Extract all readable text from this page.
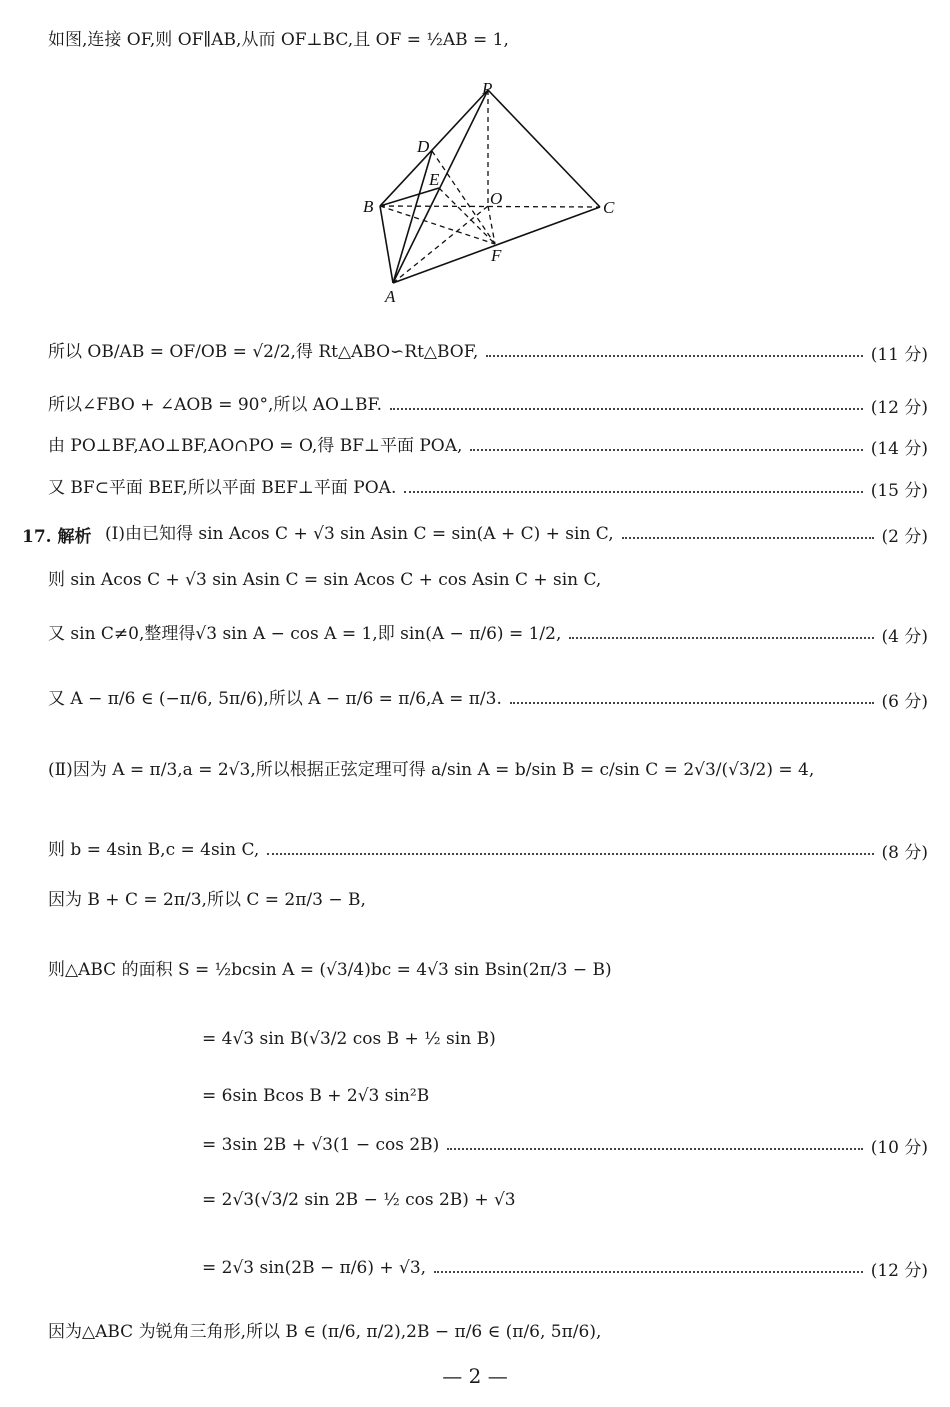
如图,连接 OF,则 OF∥AB,从而 OF⊥BC,且 OF = ½AB = 1,
P
D
E
O
B	C
F
A
所以 OB/AB = OF/OB = √2/2,得 Rt△ABO∽Rt△BOF,	(11 分)
所以∠FBO + ∠AOB = 90°,所以 AO⊥BF.	(12 分)
由 PO⊥BF,AO⊥BF,AO∩PO = O,得 BF⊥平面 POA,	(14 分)
又 BF⊂平面 BEF,所以平面 BEF⊥平面 POA.	(15 分)
17. 解析 (Ⅰ)由已知得 sin Acos C + √3 sin Asin C = sin(A + C) + sin C,	(2 分)
则 sin Acos C + √3 sin Asin C = sin Acos C + cos Asin C + sin C,
又 sin C≠0,整理得√3 sin A − cos A = 1,即 sin(A − π/6) = 1/2,	(4 分)
又 A − π/6 ∈ (−π/6, 5π/6),所以 A − π/6 = π/6,A = π/3.	(6 分)
(Ⅱ)因为 A = π/3,a = 2√3,所以根据正弦定理可得 a/sin A = b/sin B = c/sin C = 2√3/(√3/2) = 4,
则 b = 4sin B,c = 4sin C,	(8 分)
因为 B + C = 2π/3,所以 C = 2π/3 − B,
则△ABC 的面积 S = ½bcsin A = (√3/4)bc = 4√3 sin Bsin(2π/3 − B)
= 4√3 sin B(√3/2 cos B + ½ sin B)
= 6sin Bcos B + 2√3 sin²B
= 3sin 2B + √3(1 − cos 2B)	(10 分)
= 2√3(√3/2 sin 2B − ½ cos 2B) + √3
= 2√3 sin(2B − π/6) + √3,	(12 分)
因为△ABC 为锐角三角形,所以 B ∈ (π/6, π/2),2B − π/6 ∈ (π/6, 5π/6),
— 2 —
